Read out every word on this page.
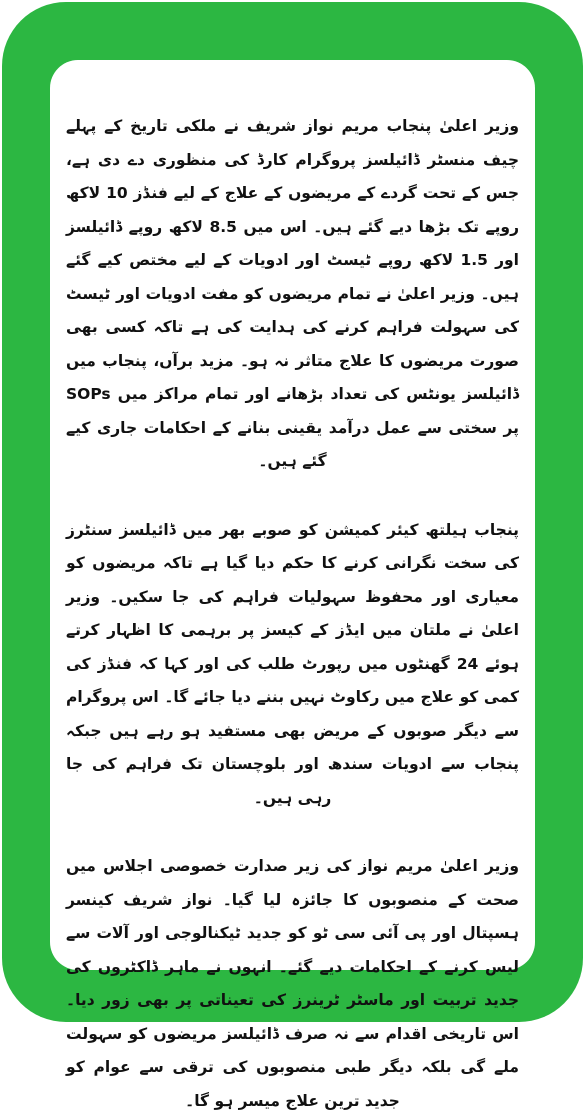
وزیر اعلیٰ پنجاب مریم نواز شریف نے ملکی تاریخ کے پہلے چیف منسٹر ڈائیلسز پروگرام کارڈ کی منظوری دے دی ہے، جس کے تحت گردے کے مریضوں کے علاج کے لیے فنڈز 10 لاکھ روپے تک بڑھا دیے گئے ہیں۔ اس میں 8.5 لاکھ روپے ڈائیلسز اور 1.5 لاکھ روپے ٹیسٹ اور ادویات کے لیے مختص کیے گئے ہیں۔ وزیر اعلیٰ نے تمام مریضوں کو مفت ادویات اور ٹیسٹ کی سہولت فراہم کرنے کی ہدایت کی ہے تاکہ کسی بھی صورت مریضوں کا علاج متاثر نہ ہو۔ مزید برآں، پنجاب میں ڈائیلسز یونٹس کی تعداد بڑھانے اور تمام مراکز میں SOPs پر سختی سے عمل درآمد یقینی بنانے کے احکامات جاری کیے گئے ہیں۔

پنجاب ہیلتھ کیئر کمیشن کو صوبے بھر میں ڈائیلسز سنٹرز کی سخت نگرانی کرنے کا حکم دیا گیا ہے تاکہ مریضوں کو معیاری اور محفوظ سہولیات فراہم کی جا سکیں۔ وزیر اعلیٰ نے ملتان میں ایڈز کے کیسز پر برہمی کا اظہار کرتے ہوئے 24 گھنٹوں میں رپورٹ طلب کی اور کہا کہ فنڈز کی کمی کو علاج میں رکاوٹ نہیں بننے دیا جائے گا۔ اس پروگرام سے دیگر صوبوں کے مریض بھی مستفید ہو رہے ہیں جبکہ پنجاب سے ادویات سندھ اور بلوچستان تک فراہم کی جا رہی ہیں۔

وزیر اعلیٰ مریم نواز کی زیر صدارت خصوصی اجلاس میں صحت کے منصوبوں کا جائزہ لیا گیا۔ نواز شریف کینسر ہسپتال اور پی آئی سی ٹو کو جدید ٹیکنالوجی اور آلات سے لیس کرنے کے احکامات دیے گئے۔ انہوں نے ماہر ڈاکٹروں کی جدید تربیت اور ماسٹر ٹرینرز کی تعیناتی پر بھی زور دیا۔ اس تاریخی اقدام سے نہ صرف ڈائیلسز مریضوں کو سہولت ملے گی بلکہ دیگر طبی منصوبوں کی ترقی سے عوام کو جدید ترین علاج میسر ہو گا۔
